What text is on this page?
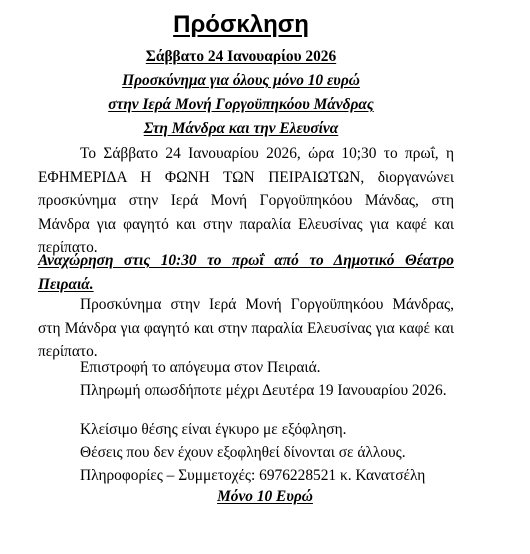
Πρόσκληση
Σάββατο 24 Ιανουαρίου 2026
Προσκύνημα για όλους μόνο 10 ευρώ
στην Ιερά Μονή Γοργοϋπηκόου Μάνδρας
Στη Μάνδρα και την Ελευσίνα
Το Σάββατο 24 Ιανουαρίου 2026, ώρα 10;30 το πρωΐ, η ΕΦΗΜΕΡΙΔΑ Η ΦΩΝΗ ΤΩΝ ΠΕΙΡΑΙΩΤΩΝ, διοργανώνει προσκύνημα στην Ιερά Μονή Γοργοϋπηκόου Μάνδας, στη Μάνδρα για φαγητό και στην παραλία Ελευσίνας για καφέ και περίπατο.
Αναχώρηση στις 10:30 το πρωΐ από το Δημοτικό Θέατρο Πειραιά.
Προσκύνημα στην Ιερά Μονή Γοργοϋπηκόου Μάνδρας, στη Μάνδρα για φαγητό και στην παραλία Ελευσίνας για καφέ και περίπατο.
Επιστροφή το απόγευμα στον Πειραιά.
Πληρωμή οπωσδήποτε μέχρι Δευτέρα 19 Ιανουαρίου 2026.
Κλείσιμο θέσης είναι έγκυρο με εξόφληση.
Θέσεις που δεν έχουν εξοφληθεί δίνονται σε άλλους.
Πληροφορίες – Συμμετοχές: 6976228521 κ. Κανατσέλη
Μόνο 10 Ευρώ
